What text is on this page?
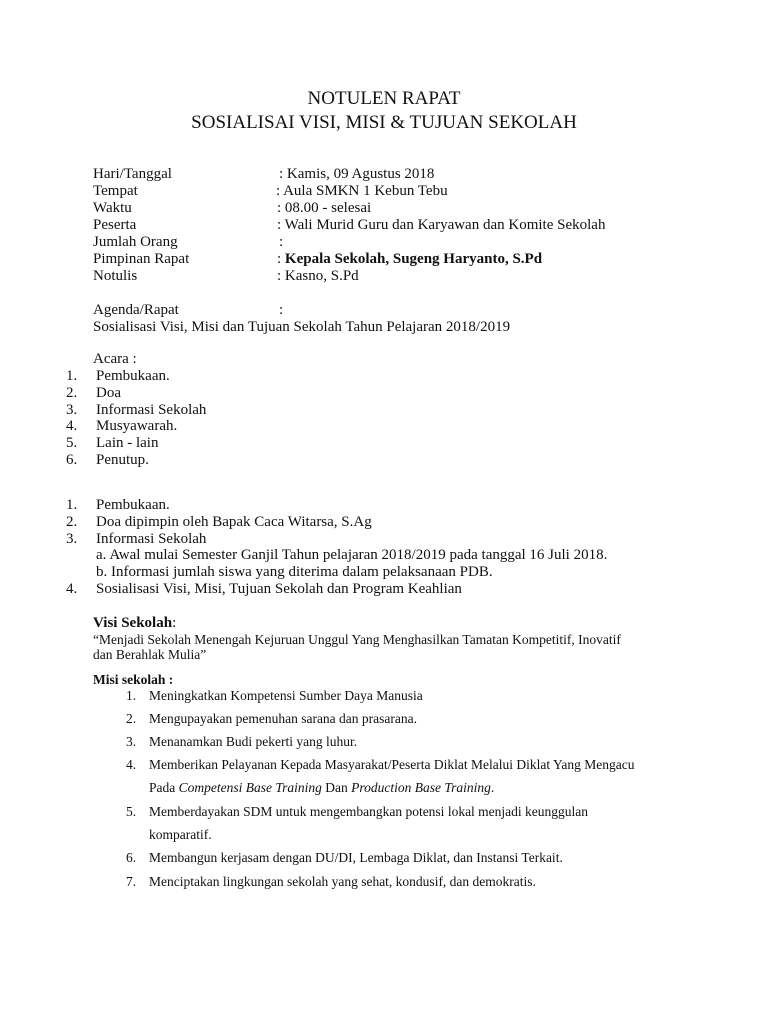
NOTULEN RAPAT
SOSIALISAI VISI, MISI & TUJUAN SEKOLAH
Hari/Tanggal	: Kamis, 09 Agustus 2018
Tempat	: Aula SMKN 1 Kebun Tebu
Waktu	: 08.00 - selesai
Peserta	: Wali Murid Guru dan Karyawan dan Komite Sekolah
Jumlah Orang	:
Pimpinan Rapat	: Kepala Sekolah, Sugeng Haryanto, S.Pd
Notulis	: Kasno, S.Pd
Agenda/Rapat	:
Sosialisasi Visi, Misi dan Tujuan Sekolah Tahun Pelajaran 2018/2019
Acara :
1. Pembukaan.
2. Doa
3. Informasi Sekolah
4. Musyawarah.
5. Lain - lain
6. Penutup.
1. Pembukaan.
2. Doa dipimpin oleh Bapak Caca Witarsa, S.Ag
3. Informasi Sekolah
a. Awal mulai Semester Ganjil Tahun pelajaran 2018/2019 pada tanggal 16 Juli 2018.
b. Informasi jumlah siswa yang diterima dalam pelaksanaan PDB.
4. Sosialisasi Visi, Misi, Tujuan Sekolah dan Program Keahlian
Visi Sekolah:
“Menjadi Sekolah Menengah Kejuruan Unggul Yang Menghasilkan Tamatan Kompetitif, Inovatif
dan Berahlak Mulia”
Misi sekolah :
1. Meningkatkan Kompetensi Sumber Daya Manusia
2. Mengupayakan pemenuhan sarana dan prasarana.
3. Menanamkan Budi pekerti yang luhur.
4. Memberikan Pelayanan Kepada Masyarakat/Peserta Diklat Melalui Diklat Yang Mengacu
Pada Competensi Base Training Dan Production Base Training.
5. Memberdayakan SDM untuk mengembangkan potensi lokal menjadi keunggulan
komparatif.
6. Membangun kerjasam dengan DU/DI, Lembaga Diklat, dan Instansi Terkait.
7. Menciptakan lingkungan sekolah yang sehat, kondusif, dan demokratis.
